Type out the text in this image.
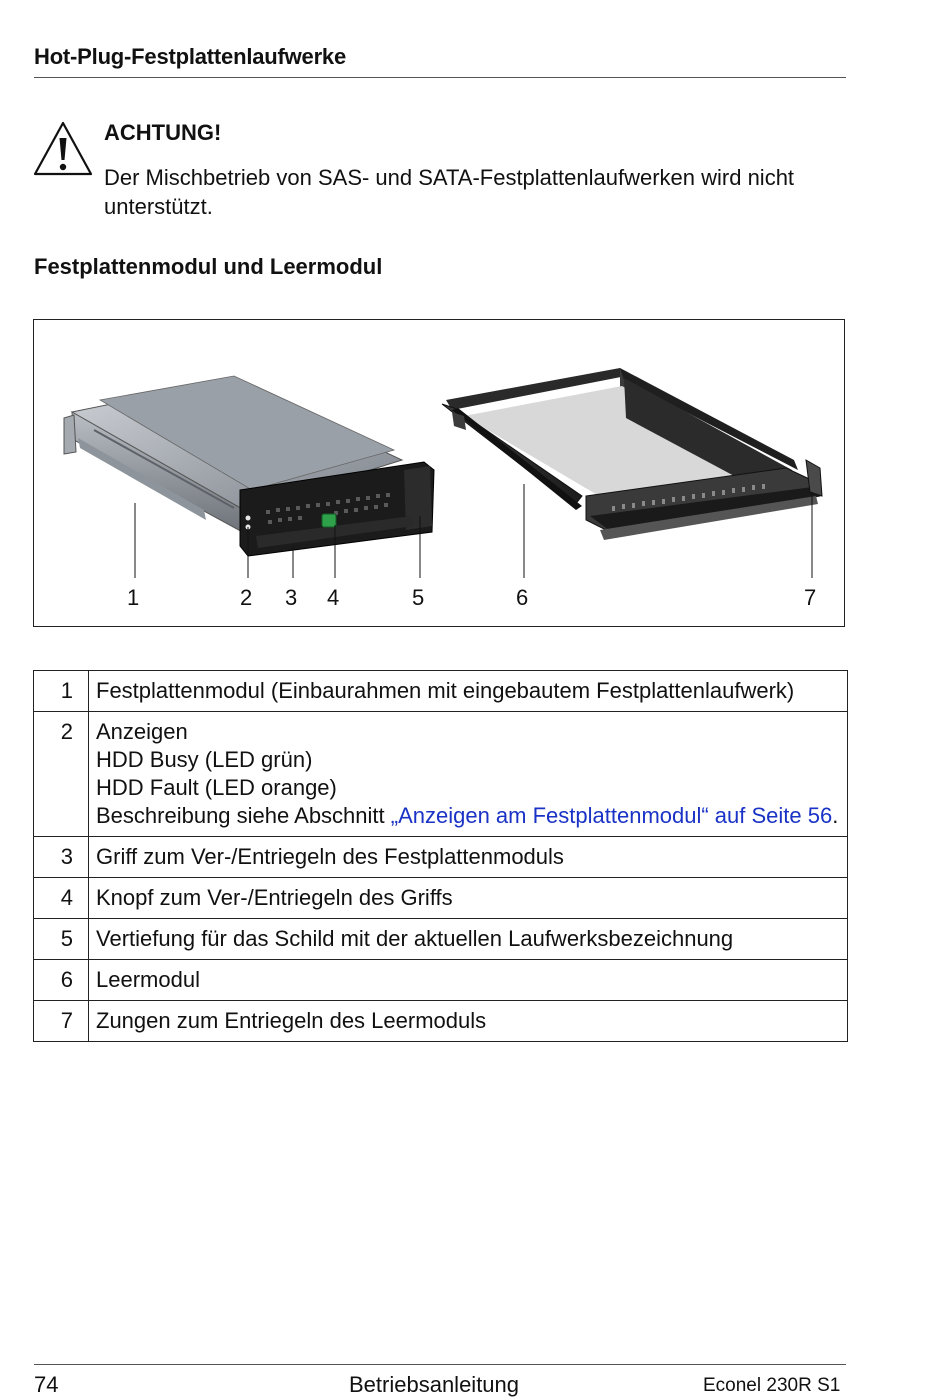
Hot-Plug-Festplattenlaufwerke
ACHTUNG!
Der Mischbetrieb von SAS- und SATA-Festplattenlaufwerken wird nicht unterstützt.
Festplattenmodul und Leermodul
1	2 3 4	5	6	7
1	Festplattenmodul (Einbaurahmen mit eingebautem Festplattenlaufwerk)
2	Anzeigen
HDD Busy (LED grün)
HDD Fault (LED orange)
Beschreibung siehe Abschnitt „Anzeigen am Festplattenmodul“ auf Seite 56.

3	Griff zum Ver-/Entriegeln des Festplattenmoduls
4	Knopf zum Ver-/Entriegeln des Griffs
5	Vertiefung für das Schild mit der aktuellen Laufwerksbezeichnung
6	Leermodul
7	Zungen zum Entriegeln des Leermoduls
74	Betriebsanleitung	Econel 230R S1
